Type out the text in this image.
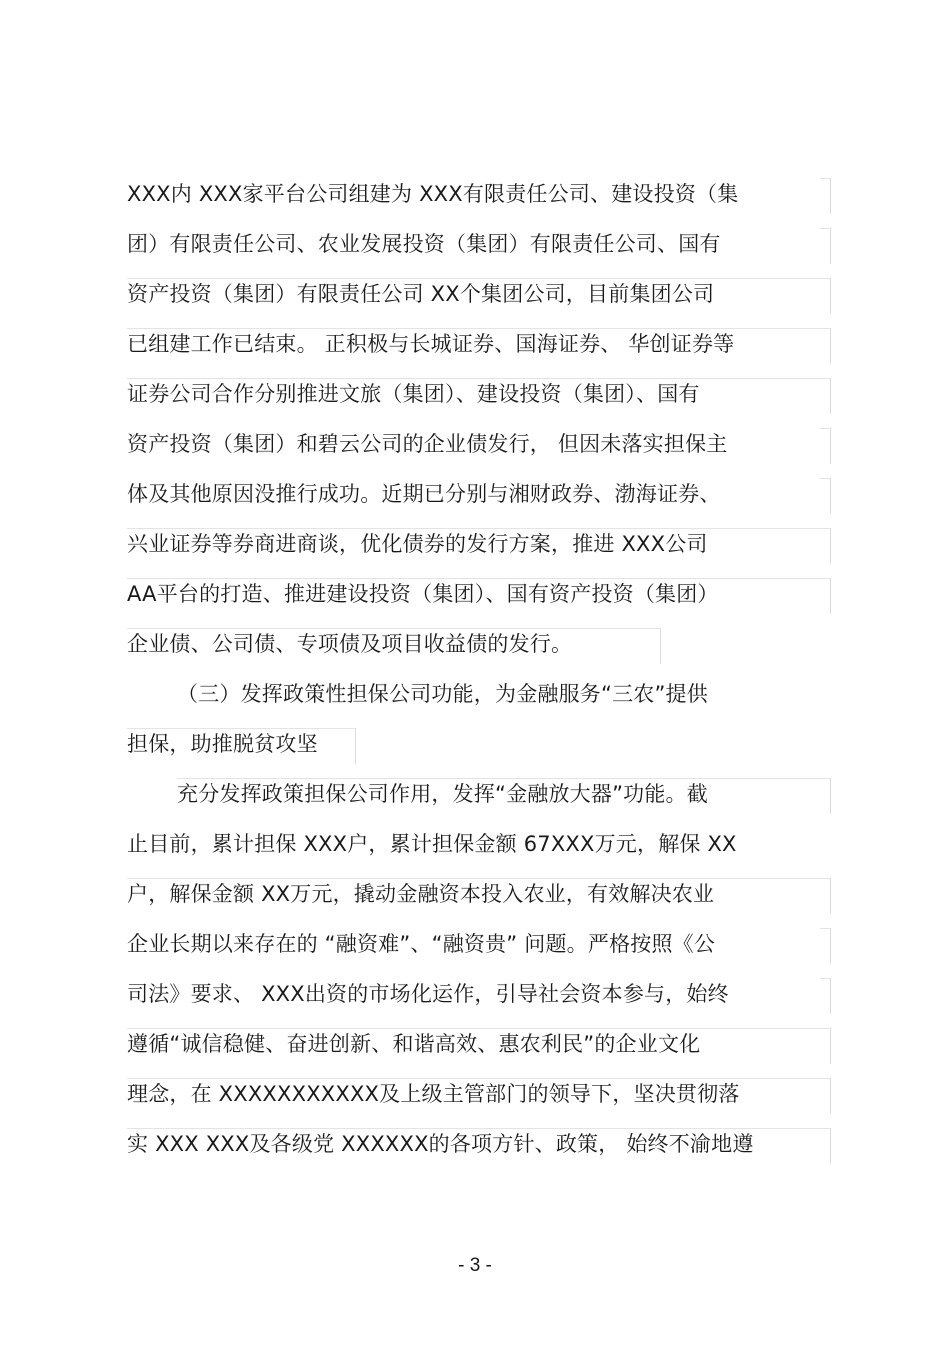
XXX内 XXX家平台公司组建为 XXX有限责任公司、建设投资（集
团）有限责任公司、农业发展投资（集团）有限责任公司、国有
资产投资（集团）有限责任公司 XX个集团公司，目前集团公司
已组建工作已结束。 正积极与长城证券、国海证券、 华创证券等
证券公司合作分别推进文旅（集团）、建设投资（集团）、国有
资产投资（集团）和碧云公司的企业债发行， 但因未落实担保主
体及其他原因没推行成功。近期已分别与湘财政券、渤海证券、
兴业证券等券商进商谈，优化债券的发行方案，推进 XXX公司
AA平台的打造、推进建设投资（集团）、国有资产投资（集团）
企业债、公司债、专项债及项目收益债的发行。
（三）发挥政策性担保公司功能，为金融服务“三农”提供
担保，助推脱贫攻坚
充分发挥政策担保公司作用，发挥“金融放大器”功能。截
止目前，累计担保 XXX户，累计担保金额 67XXX万元，解保 XX
户，解保金额 XX万元，撬动金融资本投入农业，有效解决农业
企业长期以来存在的 “融资难”、“融资贵” 问题。严格按照《公
司法》要求、 XXX出资的市场化运作，引导社会资本参与，始终
遵循“诚信稳健、奋进创新、和谐高效、惠农利民”的企业文化
理念，在 XXXXXXXXXXX及上级主管部门的领导下，坚决贯彻落
实 XXX XXX及各级党 XXXXXX的各项方针、政策， 始终不渝地遵
- 3 -
